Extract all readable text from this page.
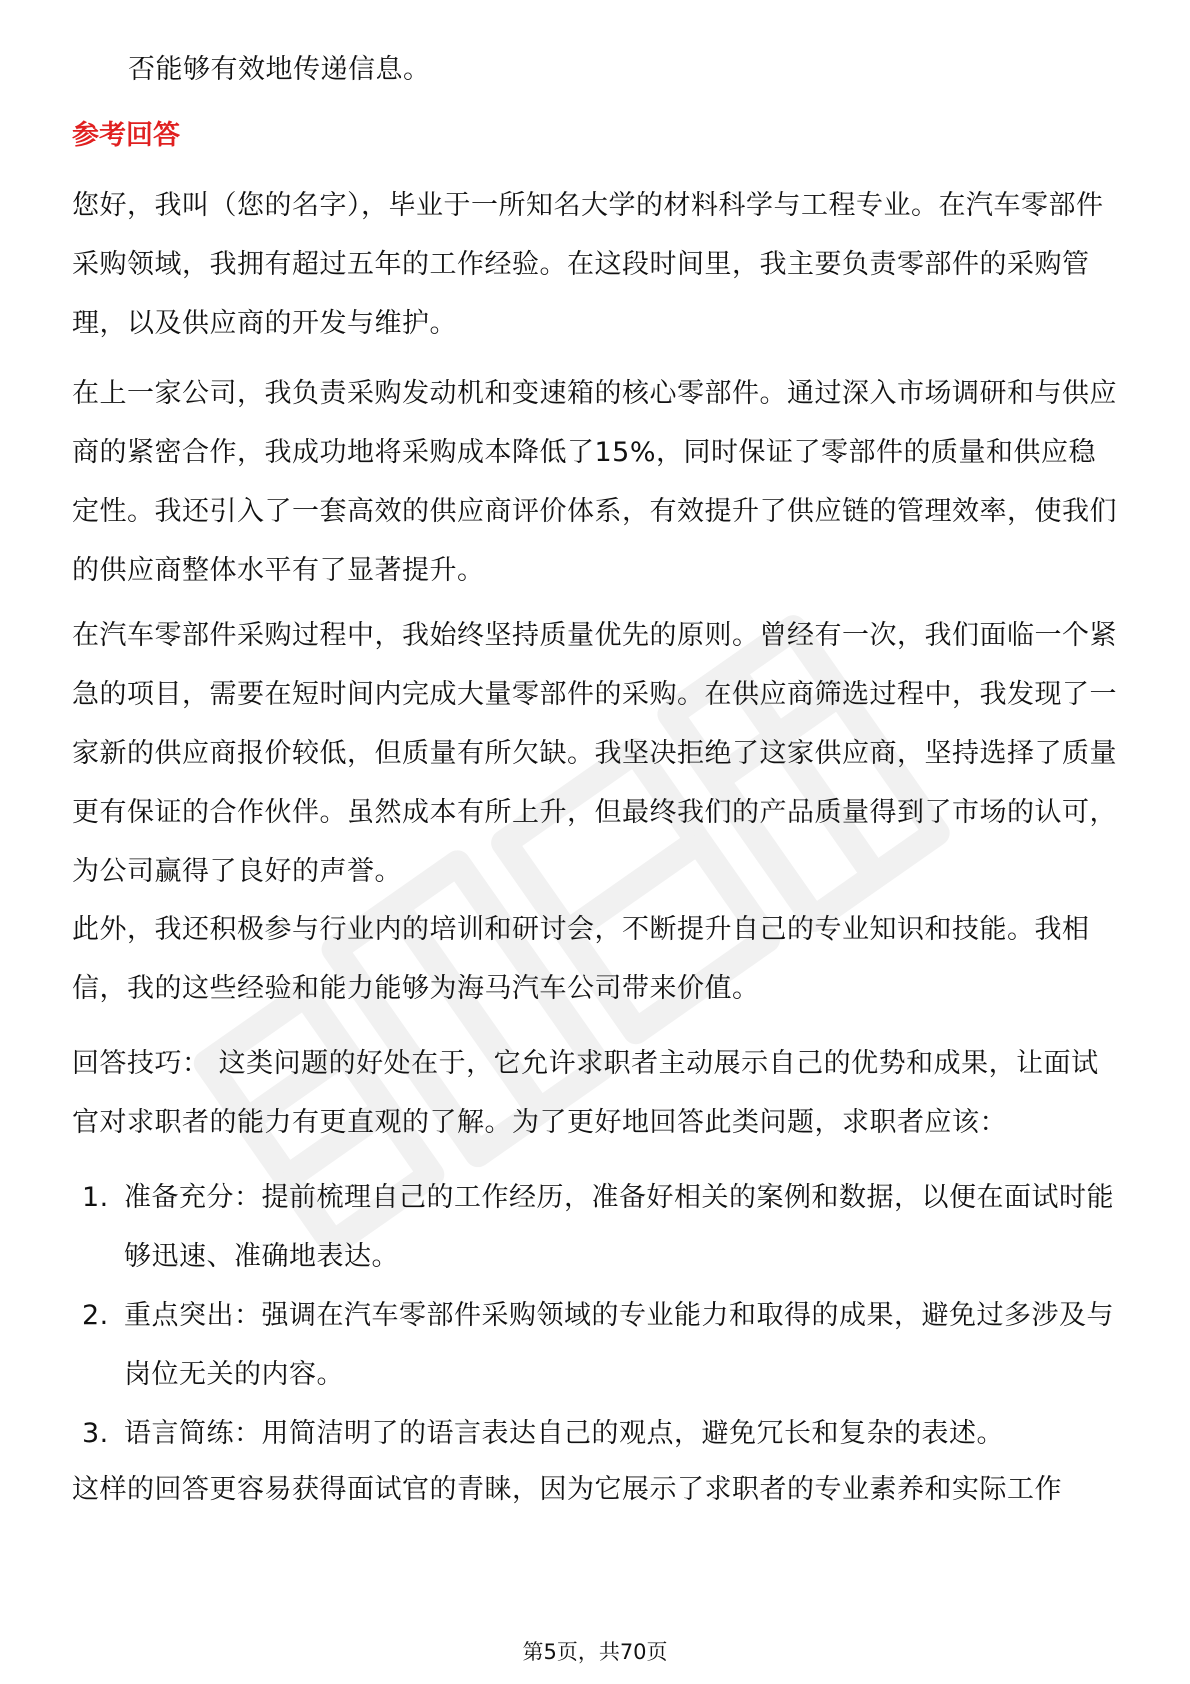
否能够有效地传递信息。

参考回答

您好，我叫（您的名字），毕业于一所知名大学的材料科学与工程专业。在汽车零部件采购领域，我拥有超过五年的工作经验。在这段时间里，我主要负责零部件的采购管理，以及供应商的开发与维护。

在上一家公司，我负责采购发动机和变速箱的核心零部件。通过深入市场调研和与供应商的紧密合作，我成功地将采购成本降低了15%，同时保证了零部件的质量和供应稳定性。我还引入了一套高效的供应商评价体系，有效提升了供应链的管理效率，使我们的供应商整体水平有了显著提升。

在汽车零部件采购过程中，我始终坚持质量优先的原则。曾经有一次，我们面临一个紧急的项目，需要在短时间内完成大量零部件的采购。在供应商筛选过程中，我发现了一家新的供应商报价较低，但质量有所欠缺。我坚决拒绝了这家供应商，坚持选择了质量更有保证的合作伙伴。虽然成本有所上升，但最终我们的产品质量得到了市场的认可，为公司赢得了良好的声誉。

此外，我还积极参与行业内的培训和研讨会，不断提升自己的专业知识和技能。我相信，我的这些经验和能力能够为海马汽车公司带来价值。

回答技巧： 这类问题的好处在于，它允许求职者主动展示自己的优势和成果，让面试官对求职者的能力有更直观的了解。为了更好地回答此类问题，求职者应该：

1. 准备充分：提前梳理自己的工作经历，准备好相关的案例和数据，以便在面试时能够迅速、准确地表达。
2. 重点突出：强调在汽车零部件采购领域的专业能力和取得的成果，避免过多涉及与岗位无关的内容。
3. 语言简练：用简洁明了的语言表达自己的观点，避免冗长和复杂的表述。

这样的回答更容易获得面试官的青睐，因为它展示了求职者的专业素养和实际工作

第5页，共70页
